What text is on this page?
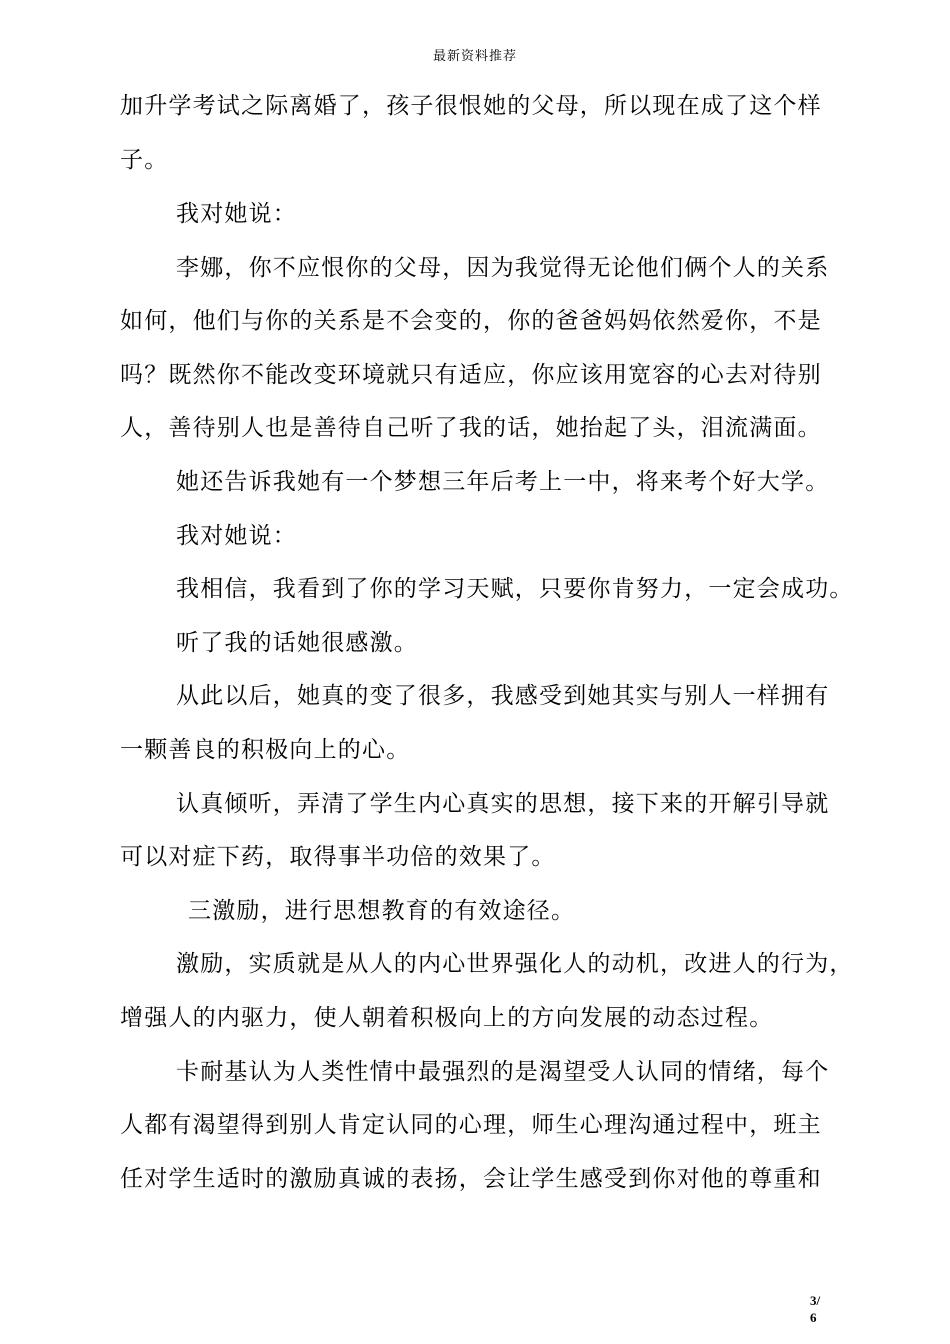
最新资料推荐
加升学考试之际离婚了，孩子很恨她的父母，所以现在成了这个样
子。
我对她说：
李娜，你不应恨你的父母，因为我觉得无论他们俩个人的关系
如何，他们与你的关系是不会变的，你的爸爸妈妈依然爱你，不是
吗？既然你不能改变环境就只有适应，你应该用宽容的心去对待别
人，善待别人也是善待自己听了我的话，她抬起了头，泪流满面。
她还告诉我她有一个梦想三年后考上一中，将来考个好大学。
我对她说：
我相信，我看到了你的学习天赋，只要你肯努力，一定会成功。
听了我的话她很感激。
从此以后，她真的变了很多，我感受到她其实与别人一样拥有
一颗善良的积极向上的心。
认真倾听，弄清了学生内心真实的思想，接下来的开解引导就
可以对症下药，取得事半功倍的效果了。
三激励，进行思想教育的有效途径。
激励，实质就是从人的内心世界强化人的动机，改进人的行为，
增强人的内驱力，使人朝着积极向上的方向发展的动态过程。
卡耐基认为人类性情中最强烈的是渴望受人认同的情绪，每个
人都有渴望得到别人肯定认同的心理，师生心理沟通过程中，班主
任对学生适时的激励真诚的表扬，会让学生感受到你对他的尊重和
3/
6
